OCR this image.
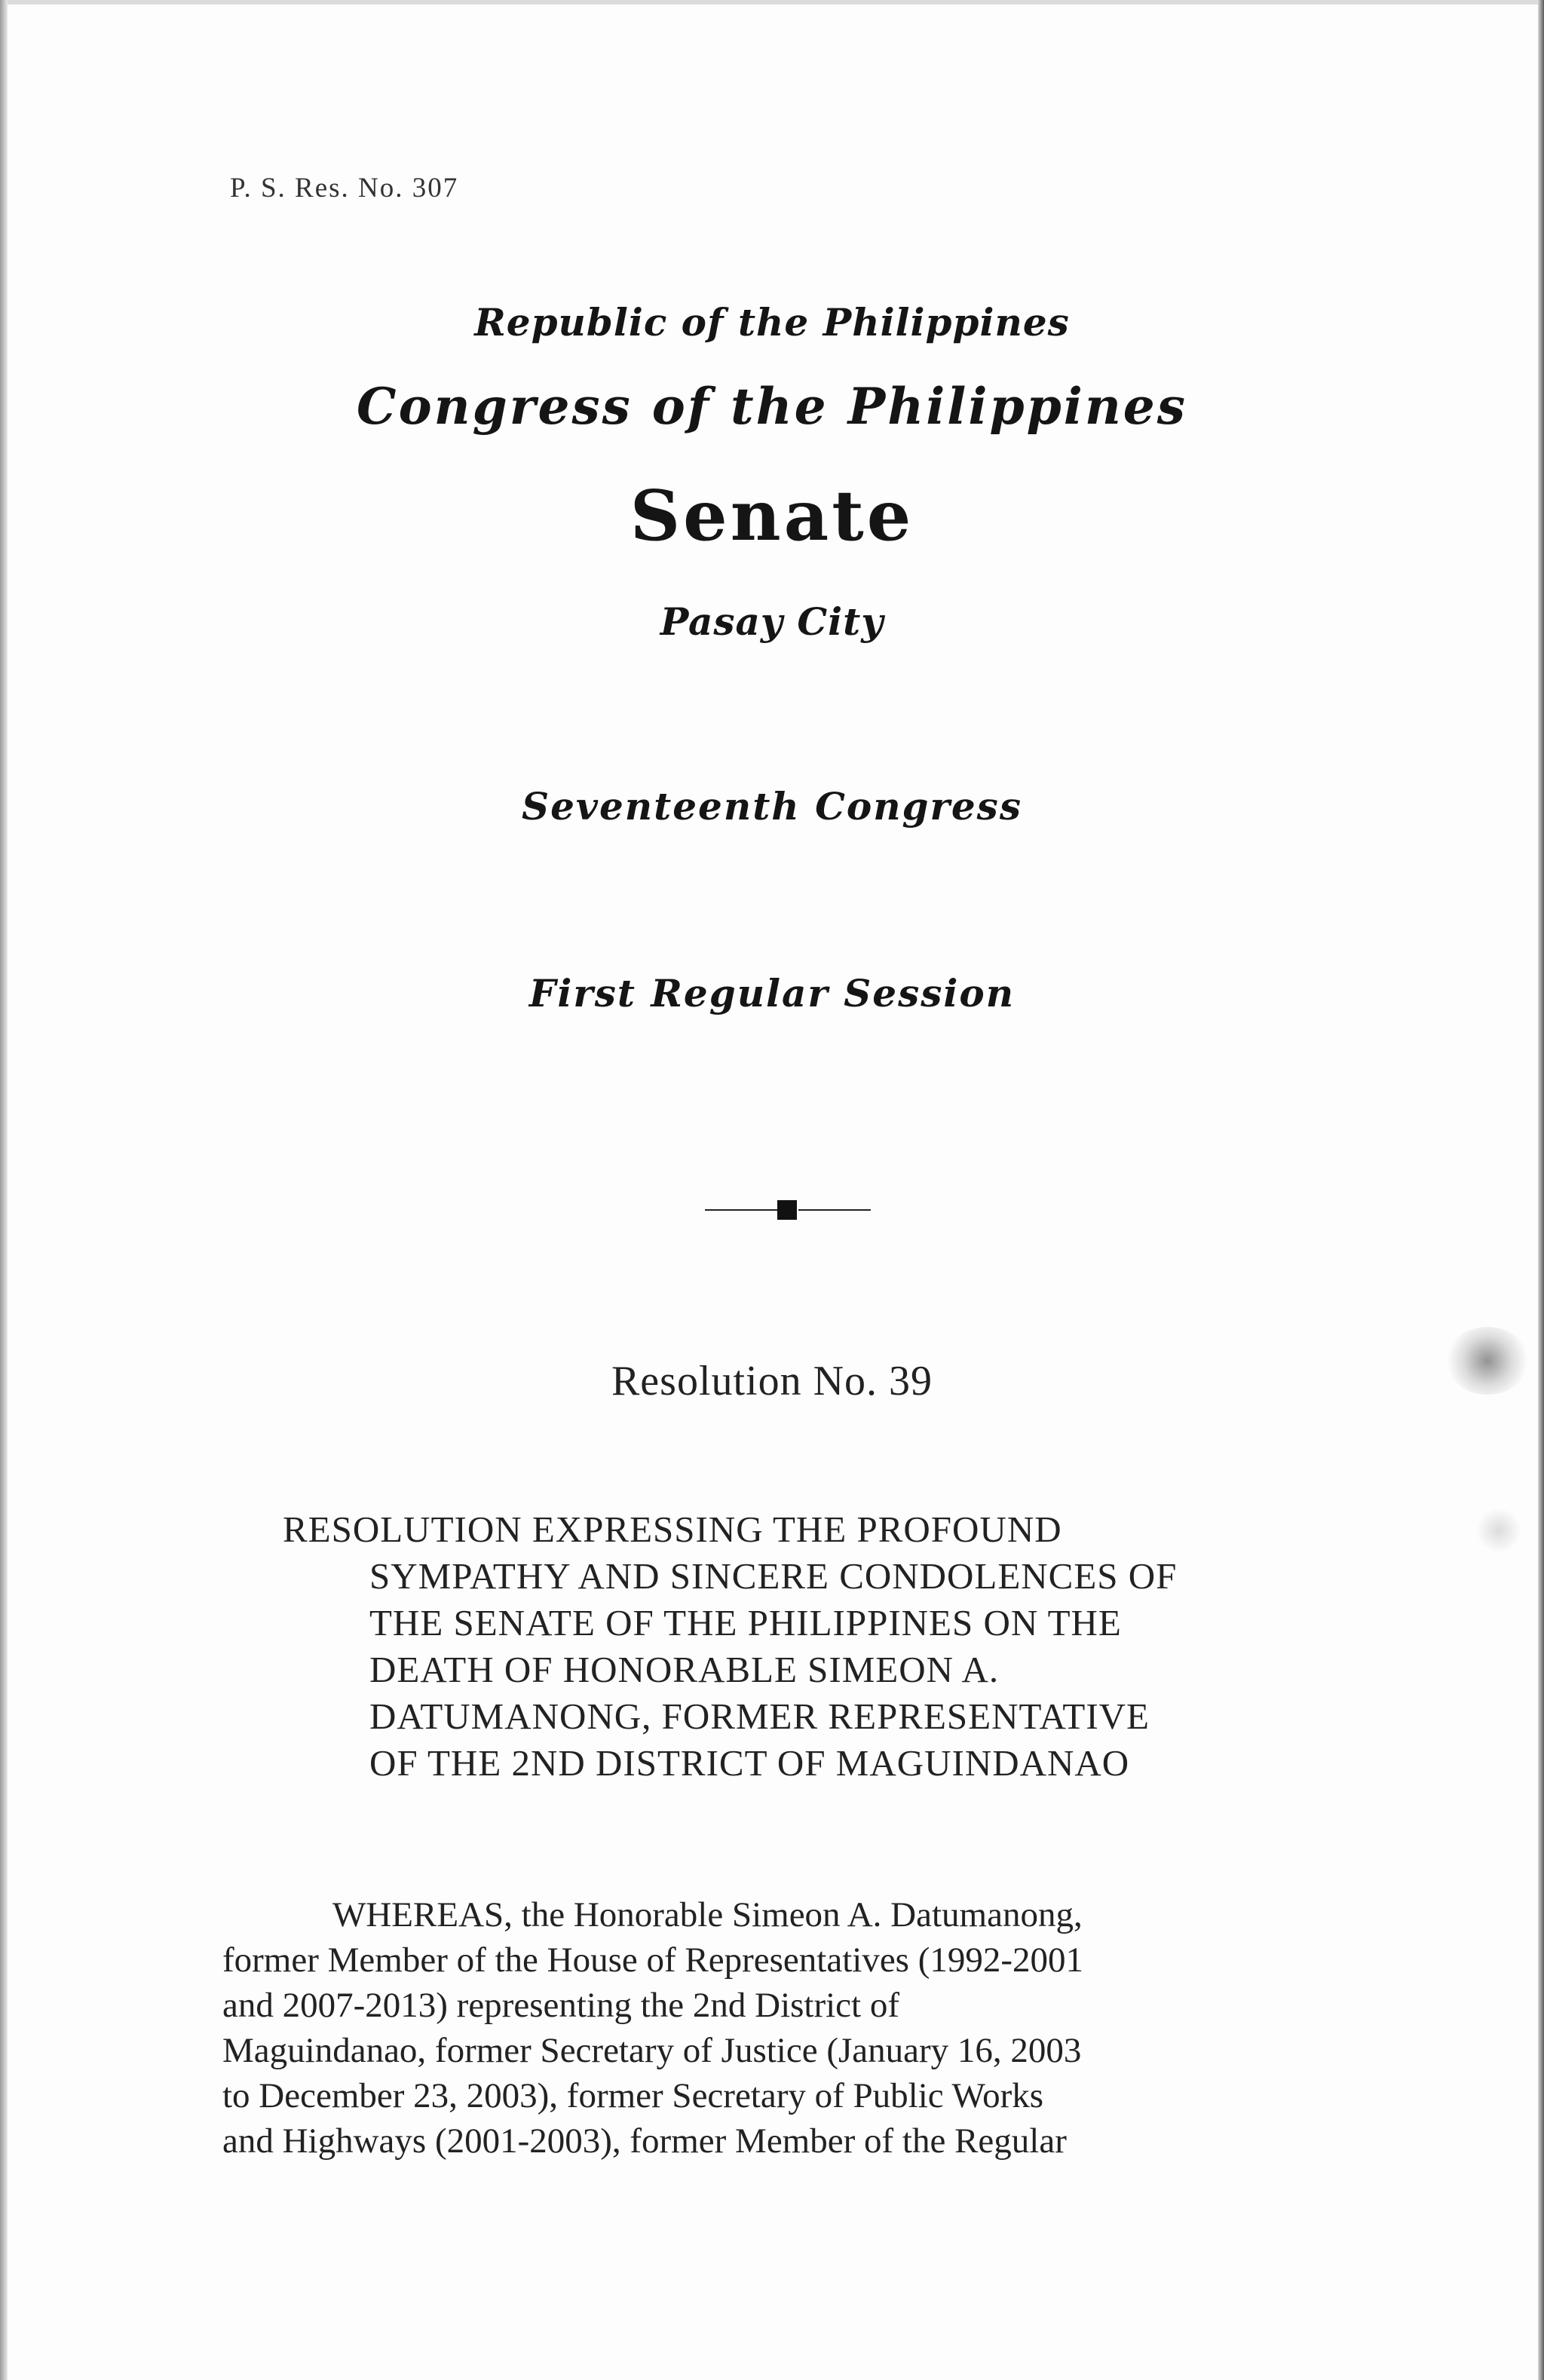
P. S. Res. No. 307
Republic of the Philippines
Congress of the Philippines
Senate
Pasay City
Seventeenth Congress
First Regular Session
Resolution No. 39
RESOLUTION EXPRESSING THE PROFOUND
SYMPATHY AND SINCERE CONDOLENCES OF
THE SENATE OF THE PHILIPPINES ON THE
DEATH OF HONORABLE SIMEON A.
DATUMANONG, FORMER REPRESENTATIVE
OF THE 2ND DISTRICT OF MAGUINDANAO
WHEREAS, the Honorable Simeon A. Datumanong,
former Member of the House of Representatives (1992-2001
and 2007-2013) representing the 2nd District of
Maguindanao, former Secretary of Justice (January 16, 2003
to December 23, 2003), former Secretary of Public Works
and Highways (2001-2003), former Member of the Regular
